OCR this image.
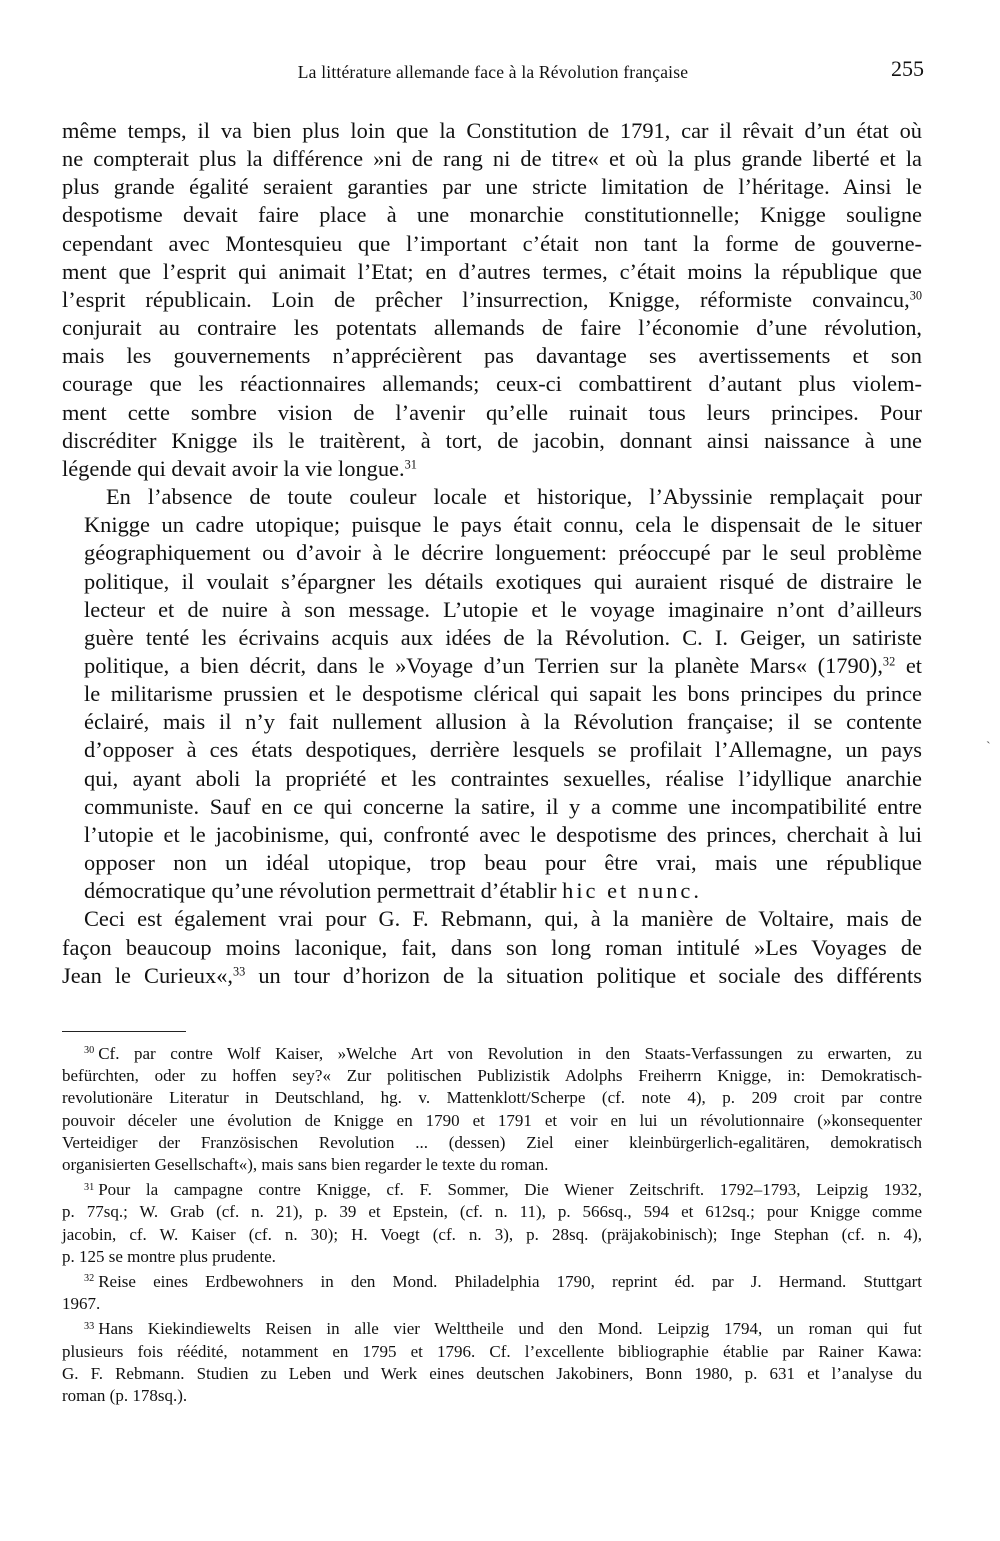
La littérature allemande face à la Révolution française	255

même temps, il va bien plus loin que la Constitution de 1791, car il rêvait d’un état où
ne compterait plus la différence »ni de rang ni de titre« et où la plus grande liberté et la
plus grande égalité seraient garanties par une stricte limitation de l’héritage. Ainsi le
despotisme devait faire place à une monarchie constitutionnelle; Knigge souligne
cependant avec Montesquieu que l’important c’était non tant la forme de gouverne-
ment que l’esprit qui animait l’Etat; en d’autres termes, c’était moins la république que
l’esprit républicain. Loin de prêcher l’insurrection, Knigge, réformiste convaincu,$^{30}$
conjurait au contraire les potentats allemands de faire l’économie d’une révolution,
mais les gouvernements n’apprécièrent pas davantage ses avertissements et son
courage que les réactionnaires allemands; ceux-ci combattirent d’autant plus violem-
ment cette sombre vision de l’avenir qu’elle ruinait tous leurs principes. Pour
discréditer Knigge ils le traitèrent, à tort, de jacobin, donnant ainsi naissance à une
légende qui devait avoir la vie longue.$^{31}$

En l’absence de toute couleur locale et historique, l’Abyssinie remplaçait pour
Knigge un cadre utopique; puisque le pays était connu, cela le dispensait de le situer
géographiquement ou d’avoir à le décrire longuement: préoccupé par le seul problème
politique, il voulait s’épargner les détails exotiques qui auraient risqué de distraire le
lecteur et de nuire à son message. L’utopie et le voyage imaginaire n’ont d’ailleurs
guère tenté les écrivains acquis aux idées de la Révolution. C. I. Geiger, un satiriste
politique, a bien décrit, dans le »Voyage d’un Terrien sur la planète Mars« (1790),$^{32}$ et
le militarisme prussien et le despotisme clérical qui sapait les bons principes du prince
éclairé, mais il n’y fait nullement allusion à la Révolution française; il se contente
d’opposer à ces états despotiques, derrière lesquels se profilait l’Allemagne, un pays
qui, ayant aboli la propriété et les contraintes sexuelles, réalise l’idyllique anarchie
communiste. Sauf en ce qui concerne la satire, il y a comme une incompatibilité entre
l’utopie et le jacobinisme, qui, confronté avec le despotisme des princes, cherchait à lui
opposer non un idéal utopique, trop beau pour être vrai, mais une république
démocratique qu’une révolution permettrait d’établir hic et nunc.

Ceci est également vrai pour G. F. Rebmann, qui, à la manière de Voltaire, mais de
façon beaucoup moins laconique, fait, dans son long roman intitulé »Les Voyages de
Jean le Curieux«,$^{33}$ un tour d’horizon de la situation politique et sociale des différents

ˋ
$^{30}$ Cf. par contre Wolf Kaiser, »Welche Art von Revolution in den Staats-Verfassungen zu erwarten, zu
befürchten, oder zu hoffen sey?« Zur politischen Publizistik Adolphs Freiherrn Knigge, in: Demokratisch-
revolutionäre Literatur in Deutschland, hg. v. Mattenklott/Scherpe (cf. note 4), p. 209 croit par contre
pouvoir déceler une évolution de Knigge en 1790 et 1791 et voir en lui un révolutionnaire (»konsequenter
Verteidiger der Französischen Revolution ... (dessen) Ziel einer kleinbürgerlich-egalitären, demokratisch
organisierten Gesellschaft«), mais sans bien regarder le texte du roman.
$^{31}$ Pour la campagne contre Knigge, cf. F. Sommer, Die Wiener Zeitschrift. 1792–1793, Leipzig 1932,
p. 77sq.; W. Grab (cf. n. 21), p. 39 et Epstein, (cf. n. 11), p. 566sq., 594 et 612sq.; pour Knigge comme
jacobin, cf. W. Kaiser (cf. n. 30); H. Voegt (cf. n. 3), p. 28sq. (präjakobinisch); Inge Stephan (cf. n. 4),
p. 125 se montre plus prudente.
$^{32}$ Reise eines Erdbewohners in den Mond. Philadelphia 1790, reprint éd. par J. Hermand. Stuttgart
1967.
$^{33}$ Hans Kiekindiewelts Reisen in alle vier Welttheile und den Mond. Leipzig 1794, un roman qui fut
plusieurs fois réédité, notamment en 1795 et 1796. Cf. l’excellente bibliographie établie par Rainer Kawa:
G. F. Rebmann. Studien zu Leben und Werk eines deutschen Jakobiners, Bonn 1980, p. 631 et l’analyse du
roman (p. 178sq.).
